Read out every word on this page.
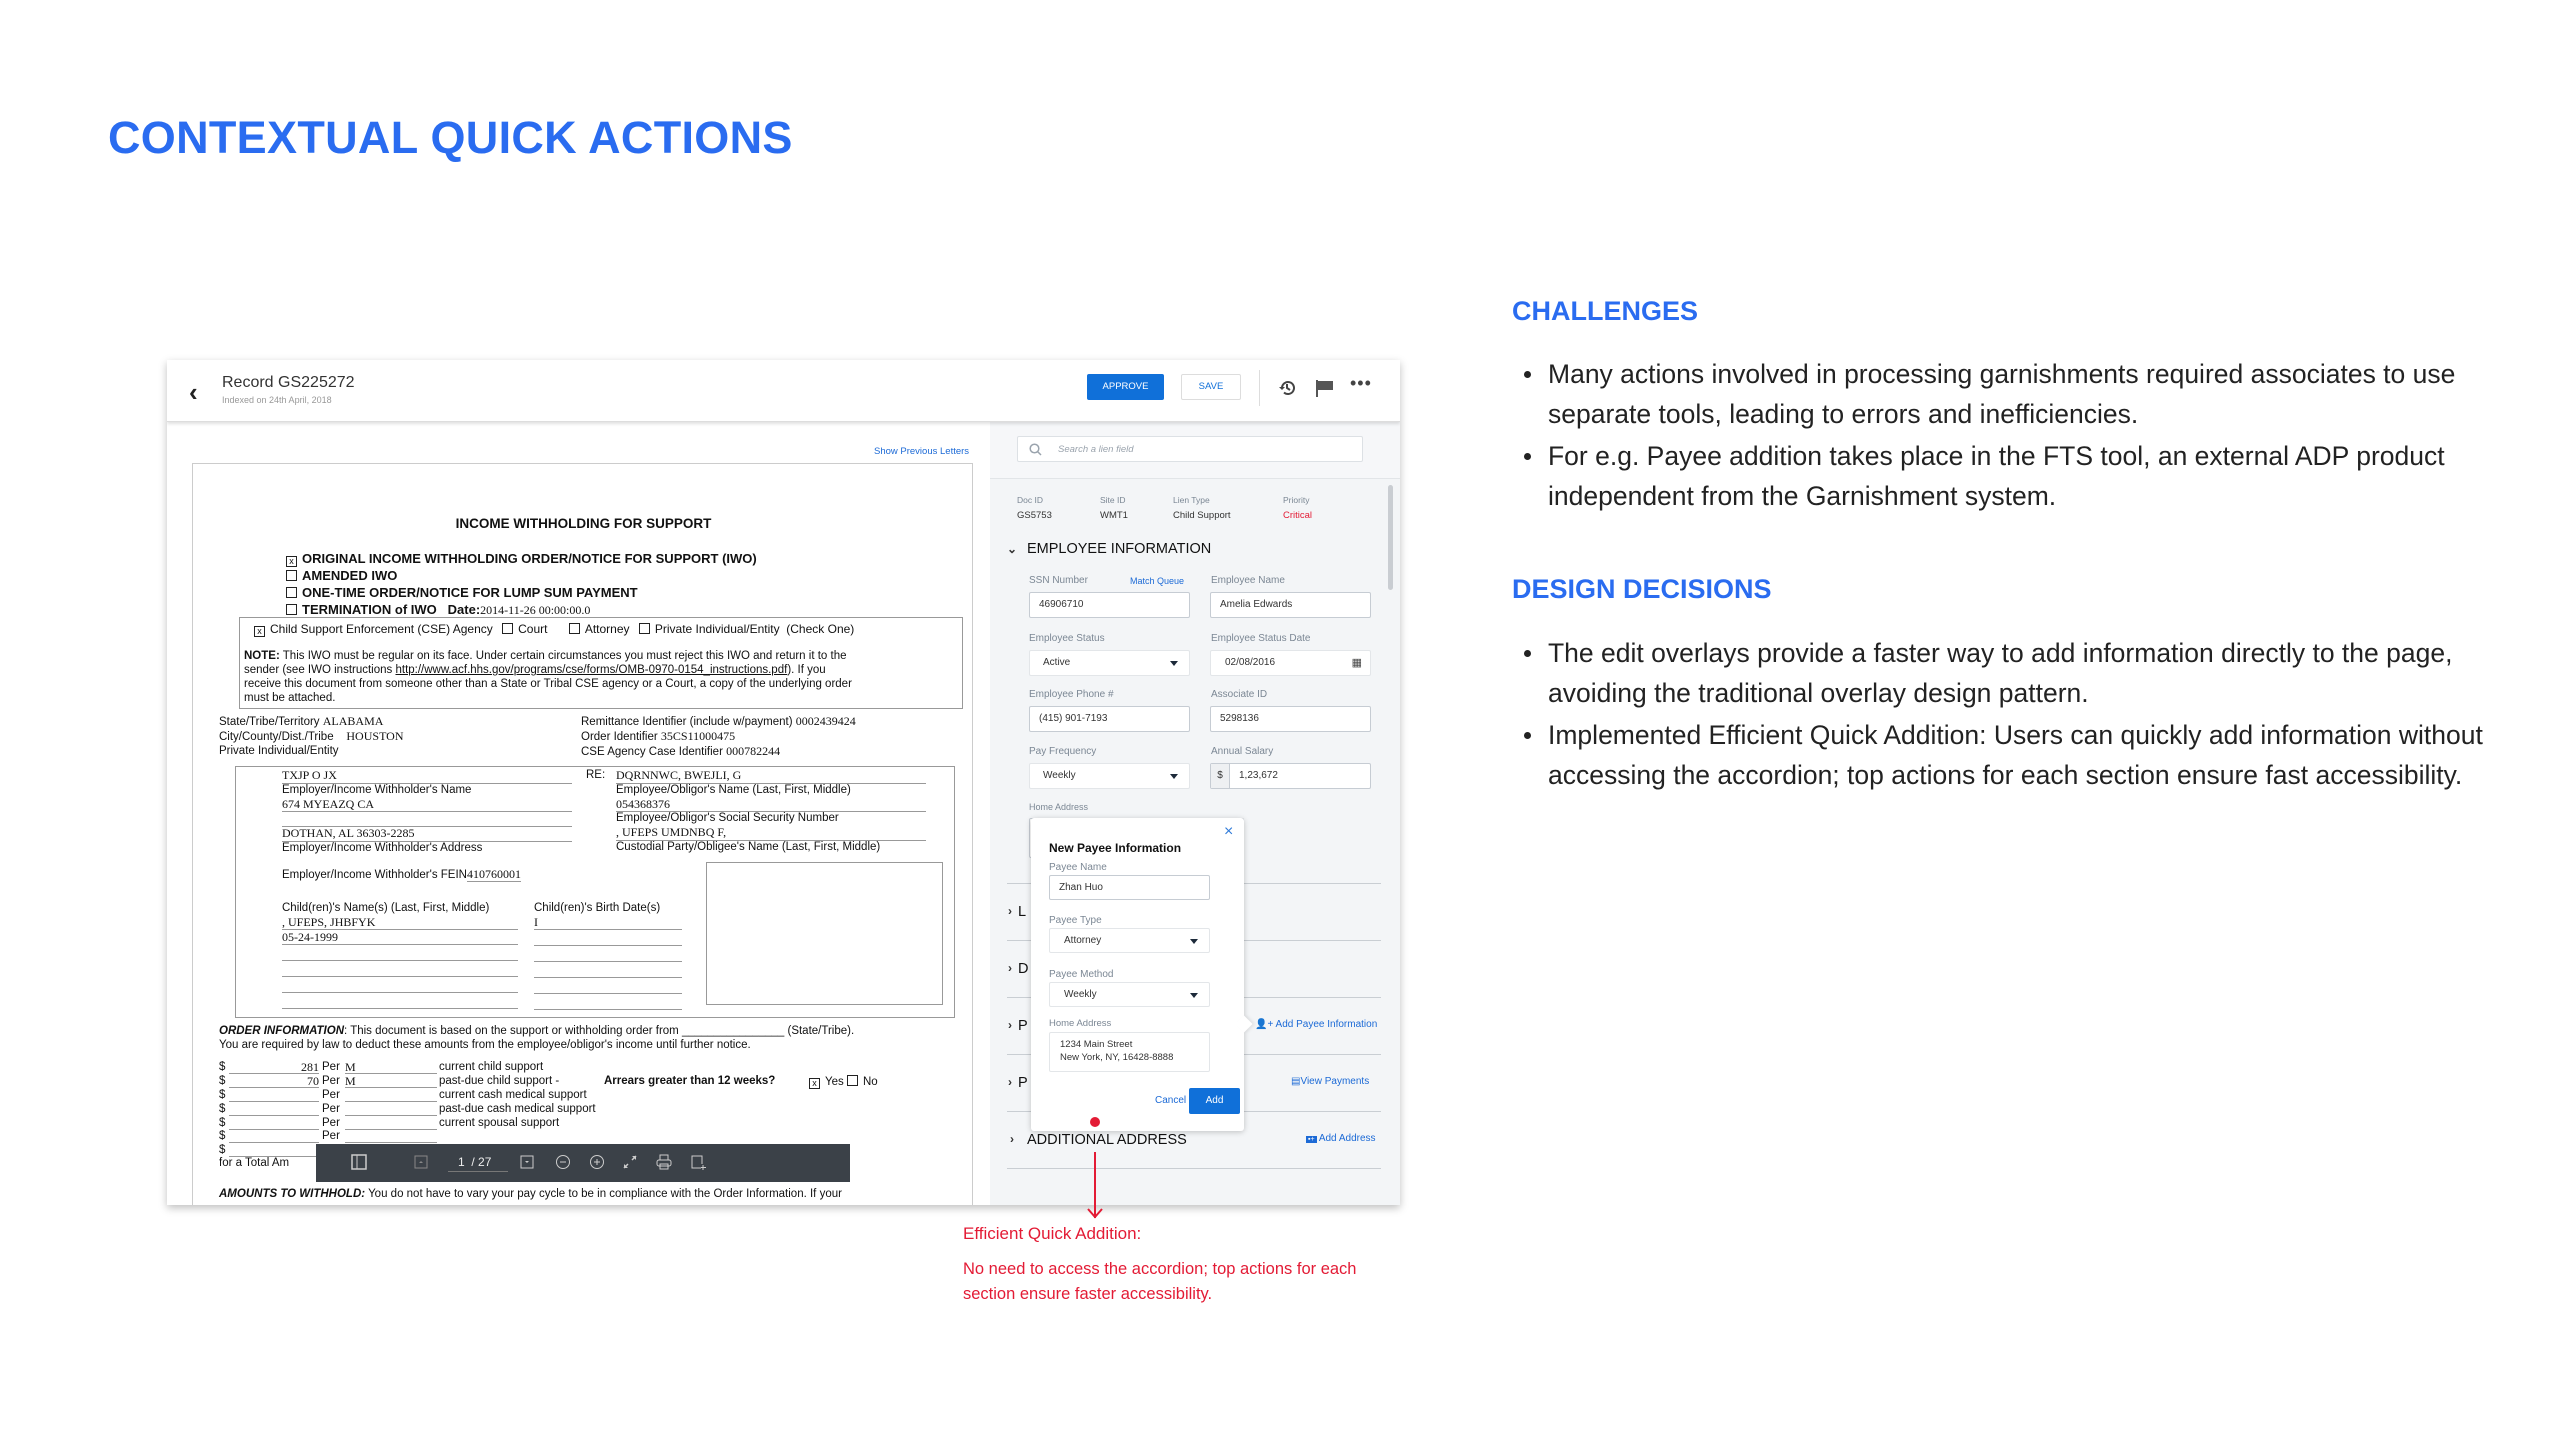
CONTEXTUAL QUICK ACTIONS
CHALLENGES
Many actions involved in processing garnishments required associates to use separate tools, leading to errors and inefficiencies.
For e.g. Payee addition takes place in the FTS tool, an external ADP product independent from the Garnishment system.
DESIGN DECISIONS
The edit overlays provide a faster way to add information directly to the page, avoiding the traditional overlay design pattern.
Implemented Efficient Quick Addition: Users can quickly add information without accessing the accordion; top actions for each section ensure fast accessibility.
‹ Record GS225272
Indexed on 24th April, 2018
APPROVE	SAVE	•••
Show Previous Letters
INCOME WITHHOLDING FOR SUPPORT
x ORIGINAL INCOME WITHHOLDING ORDER/NOTICE FOR SUPPORT (IWO)
AMENDED IWO
ONE-TIME ORDER/NOTICE FOR LUMP SUM PAYMENT
TERMINATION of IWO Date:2014-11-26 00:00:00.0
x Child Support Enforcement (CSE) Agency Court	Attorney Private Individual/Entity (Check One)
NOTE: This IWO must be regular on its face. Under certain circumstances you must reject this IWO and return it to the
sender (see IWO instructions http://www.acf.hhs.gov/programs/cse/forms/OMB-0970-0154_instructions.pdf). If you
receive this document from someone other than a State or Tribal CSE agency or a Court, a copy of the underlying order
must be attached.
State/Tribe/Territory ALABAMA
City/County/Dist./Tribe HOUSTON
Private Individual/Entity
Remittance Identifier (include w/payment) 0002439424
Order Identifier 35CS11000475
CSE Agency Case Identifier 000782244
TXJP O JX
Employer/Income Withholder's Name
674 MYEAZQ CA

DOTHAN, AL 36303-2285
Employer/Income Withholder's Address
RE: DQRNNWC, BWEJLI, G
Employee/Obligor's Name (Last, First, Middle)
054368376
Employee/Obligor's Social Security Number
, UFEPS UMDNBQ F,
Custodial Party/Obligee's Name (Last, First, Middle)
Employer/Income Withholder's FEIN410760001
Child(ren)'s Name(s) (Last, First, Middle)
, UFEPS, JHBFYK
05-24-1999
Child(ren)'s Birth Date(s)
I
ORDER INFORMATION: This document is based on the support or withholding order from ________________ (State/Tribe).
You are required by law to deduct these amounts from the employee/obligor's income until further notice.
$	281 Per M	current child support
$	70 Per M	past-due child support -	Arrears greater than 12 weeks?	x Yes No
$	Per	current cash medical support
$	Per	past-due cash medical support
$	Per	current spousal support
$	Per
$
for a Total Am
AMOUNTS TO WITHHOLD: You do not have to vary your pay cycle to be in compliance with the Order Information. If your
1 / 27
Search a lien field
⌄ EMPLOYEE INFORMATION
SSN Number	Match Queue
46906710
Employee Name
Amelia Edwards
Employee Status
Active
Employee Status Date
02/08/2016	▦
Employee Phone #
(415) 901-7193
Associate ID
5298136
Pay Frequency
Weekly
Annual Salary
$	1,23,672
Home Address
› ADDITIONAL ADDRESS
👤+ Add Payee Information
▤View Payments
▪+ Add Address
×
New Payee Information
Payee Name
Zhan Huo
Payee Type
Attorney
Payee Method
Weekly
Home Address
1234 Main Street
New York, NY, 16428-8888
Cancel	Add
Doc ID
GS5753
Site ID
WMT1
Lien Type
Child Support
Priority
Critical
› L
› D
› P
› P
Efficient Quick Addition:
No need to access the accordion; top actions for each
section ensure faster accessibility.
